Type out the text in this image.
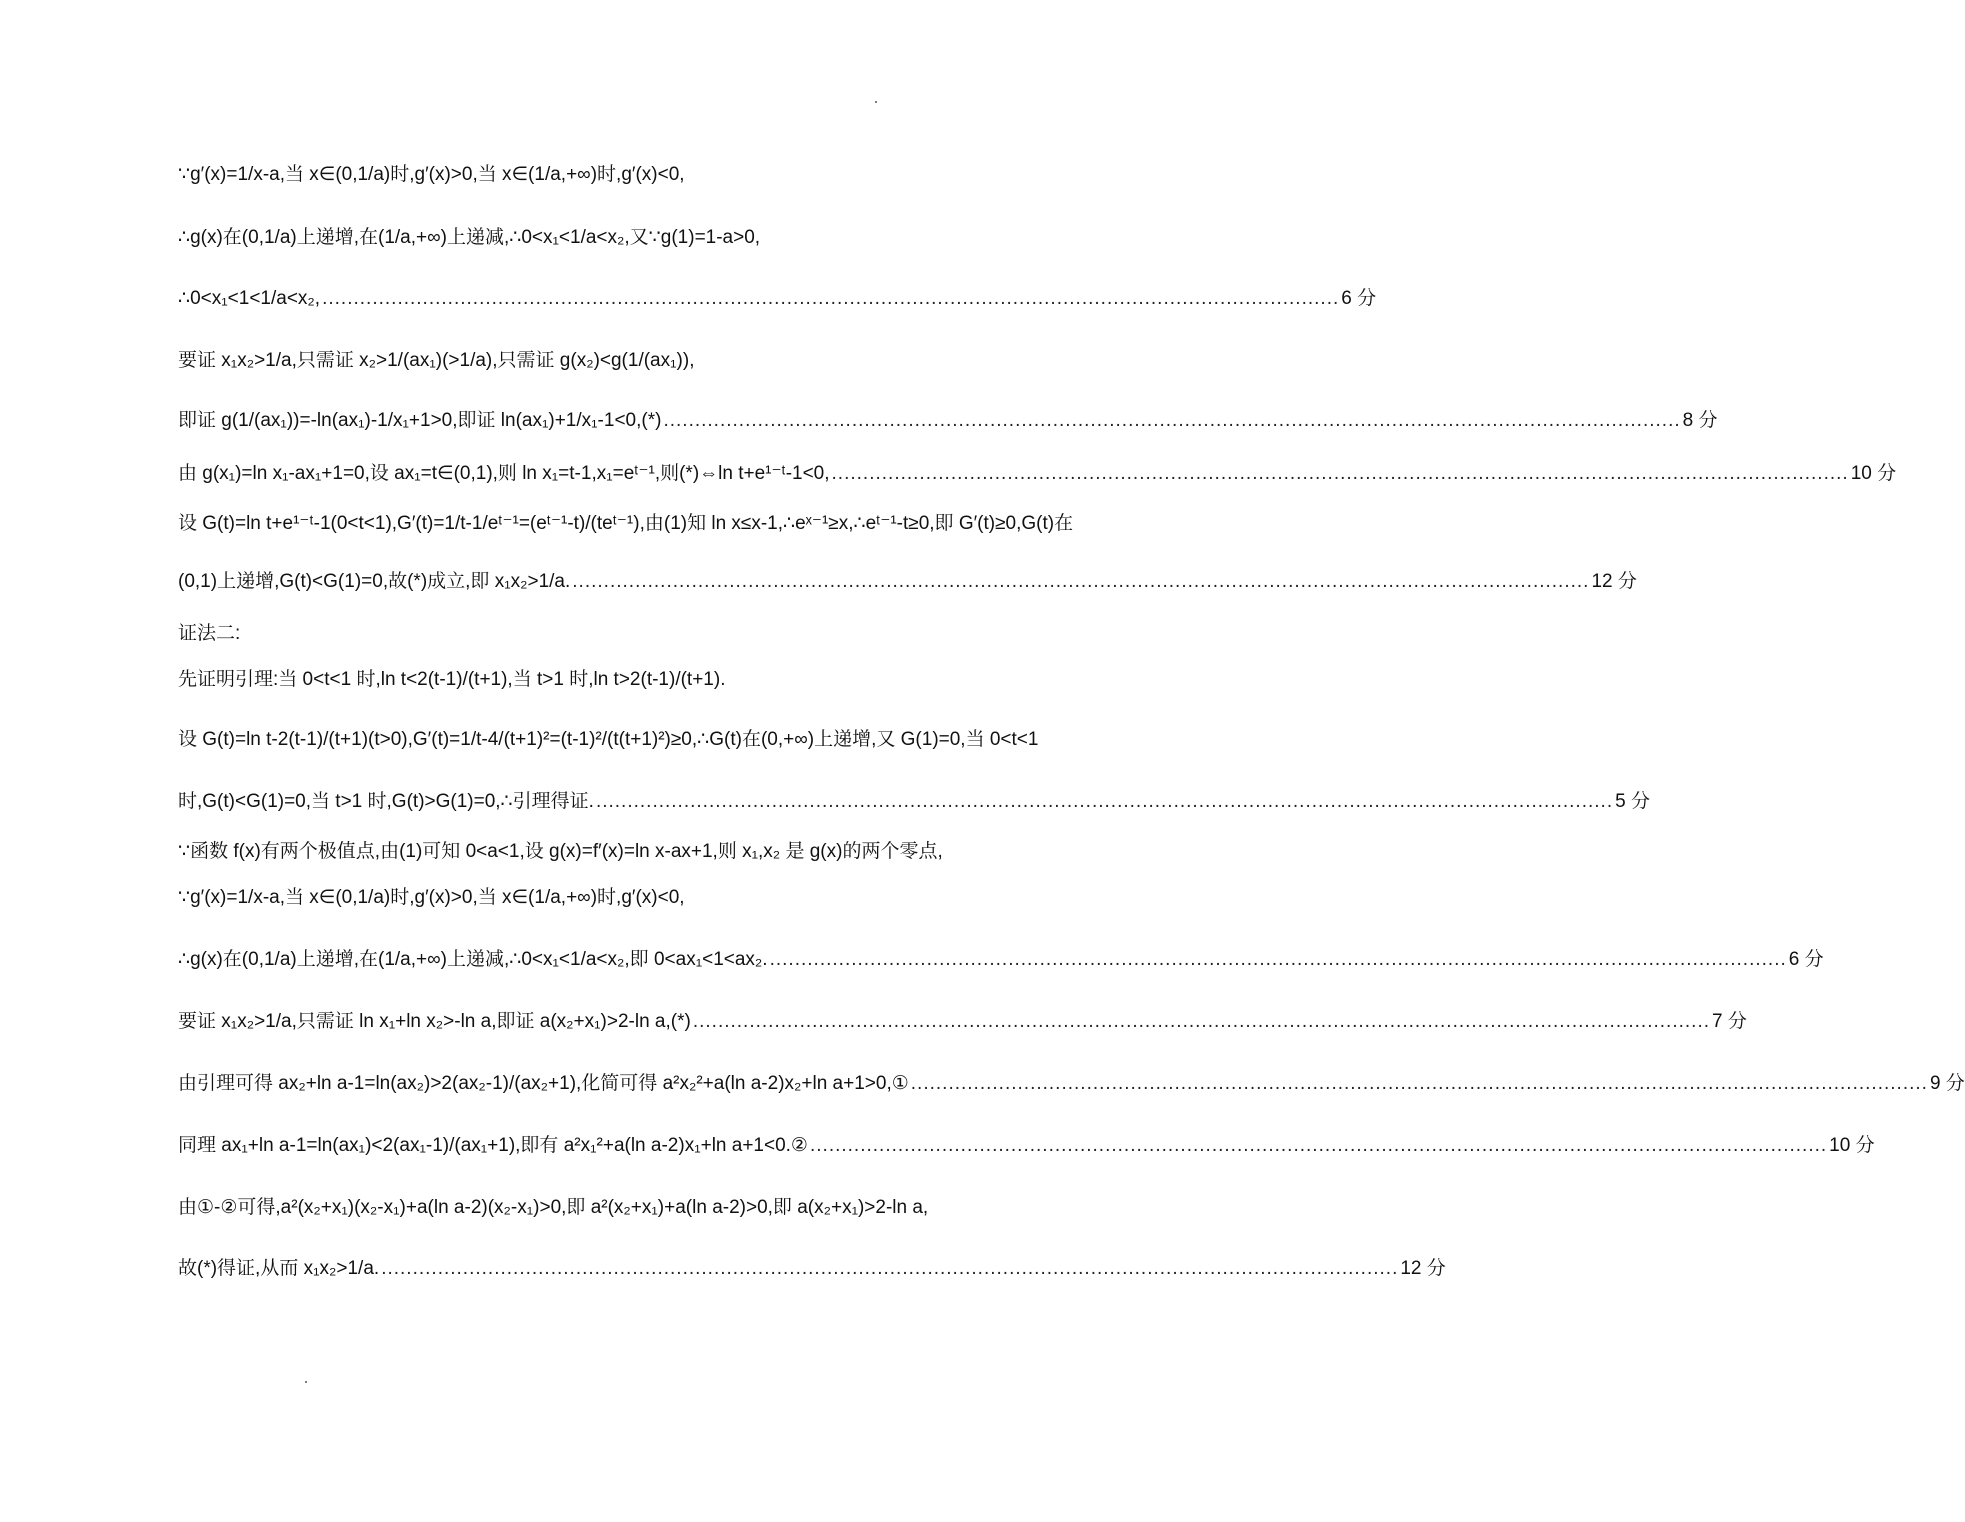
∵g′(x)=1/x-a,当 x∈(0,1/a)时,g′(x)>0,当 x∈(1/a,+∞)时,g′(x)<0,
∴g(x)在(0,1/a)上递增,在(1/a,+∞)上递减,∴0<x₁<1/a<x₂,又∵g(1)=1-a>0,
∴0<x₁<1<1/a<x₂, .................................................................................................................................................................. 6 分
要证 x₁x₂>1/a,只需证 x₂>1/(ax₁)(>1/a),只需证 g(x₂)<g(1/(ax₁)),
即证 g(1/(ax₁))=-ln(ax₁)-1/x₁+1>0,即证 ln(ax₁)+1/x₁-1<0,(*) .................................................................................................................................................................. 8 分
由 g(x₁)=ln x₁-ax₁+1=0,设 ax₁=t∈(0,1),则 ln x₁=t-1,x₁=eᵗ⁻¹,则(*)⇔ln t+e¹⁻ᵗ-1<0, .................................................................................................................................................................. 10 分
设 G(t)=ln t+e¹⁻ᵗ-1(0<t<1),G′(t)=1/t-1/eᵗ⁻¹=(eᵗ⁻¹-t)/(teᵗ⁻¹),由(1)知 ln x≤x-1,∴eˣ⁻¹≥x,∴eᵗ⁻¹-t≥0,即 G′(t)≥0,G(t)在
(0,1)上递增,G(t)<G(1)=0,故(*)成立,即 x₁x₂>1/a. .................................................................................................................................................................. 12 分
证法二:
先证明引理:当 0<t<1 时,ln t<2(t-1)/(t+1),当 t>1 时,ln t>2(t-1)/(t+1).
设 G(t)=ln t-2(t-1)/(t+1)(t>0),G′(t)=1/t-4/(t+1)²=(t-1)²/(t(t+1)²)≥0,∴G(t)在(0,+∞)上递增,又 G(1)=0,当 0<t<1
时,G(t)<G(1)=0,当 t>1 时,G(t)>G(1)=0,∴引理得证. .................................................................................................................................................................. 5 分
∵函数 f(x)有两个极值点,由(1)可知 0<a<1,设 g(x)=f′(x)=ln x-ax+1,则 x₁,x₂ 是 g(x)的两个零点,
∵g′(x)=1/x-a,当 x∈(0,1/a)时,g′(x)>0,当 x∈(1/a,+∞)时,g′(x)<0,
∴g(x)在(0,1/a)上递增,在(1/a,+∞)上递减,∴0<x₁<1/a<x₂,即 0<ax₁<1<ax₂. .................................................................................................................................................................. 6 分
要证 x₁x₂>1/a,只需证 ln x₁+ln x₂>-ln a,即证 a(x₂+x₁)>2-ln a,(*) .................................................................................................................................................................. 7 分
由引理可得 ax₂+ln a-1=ln(ax₂)>2(ax₂-1)/(ax₂+1),化简可得 a²x₂²+a(ln a-2)x₂+ln a+1>0,① .................................................................................................................................................................. 9 分
同理 ax₁+ln a-1=ln(ax₁)<2(ax₁-1)/(ax₁+1),即有 a²x₁²+a(ln a-2)x₁+ln a+1<0.② .................................................................................................................................................................. 10 分
由①-②可得,a²(x₂+x₁)(x₂-x₁)+a(ln a-2)(x₂-x₁)>0,即 a²(x₂+x₁)+a(ln a-2)>0,即 a(x₂+x₁)>2-ln a,
故(*)得证,从而 x₁x₂>1/a. .................................................................................................................................................................. 12 分
